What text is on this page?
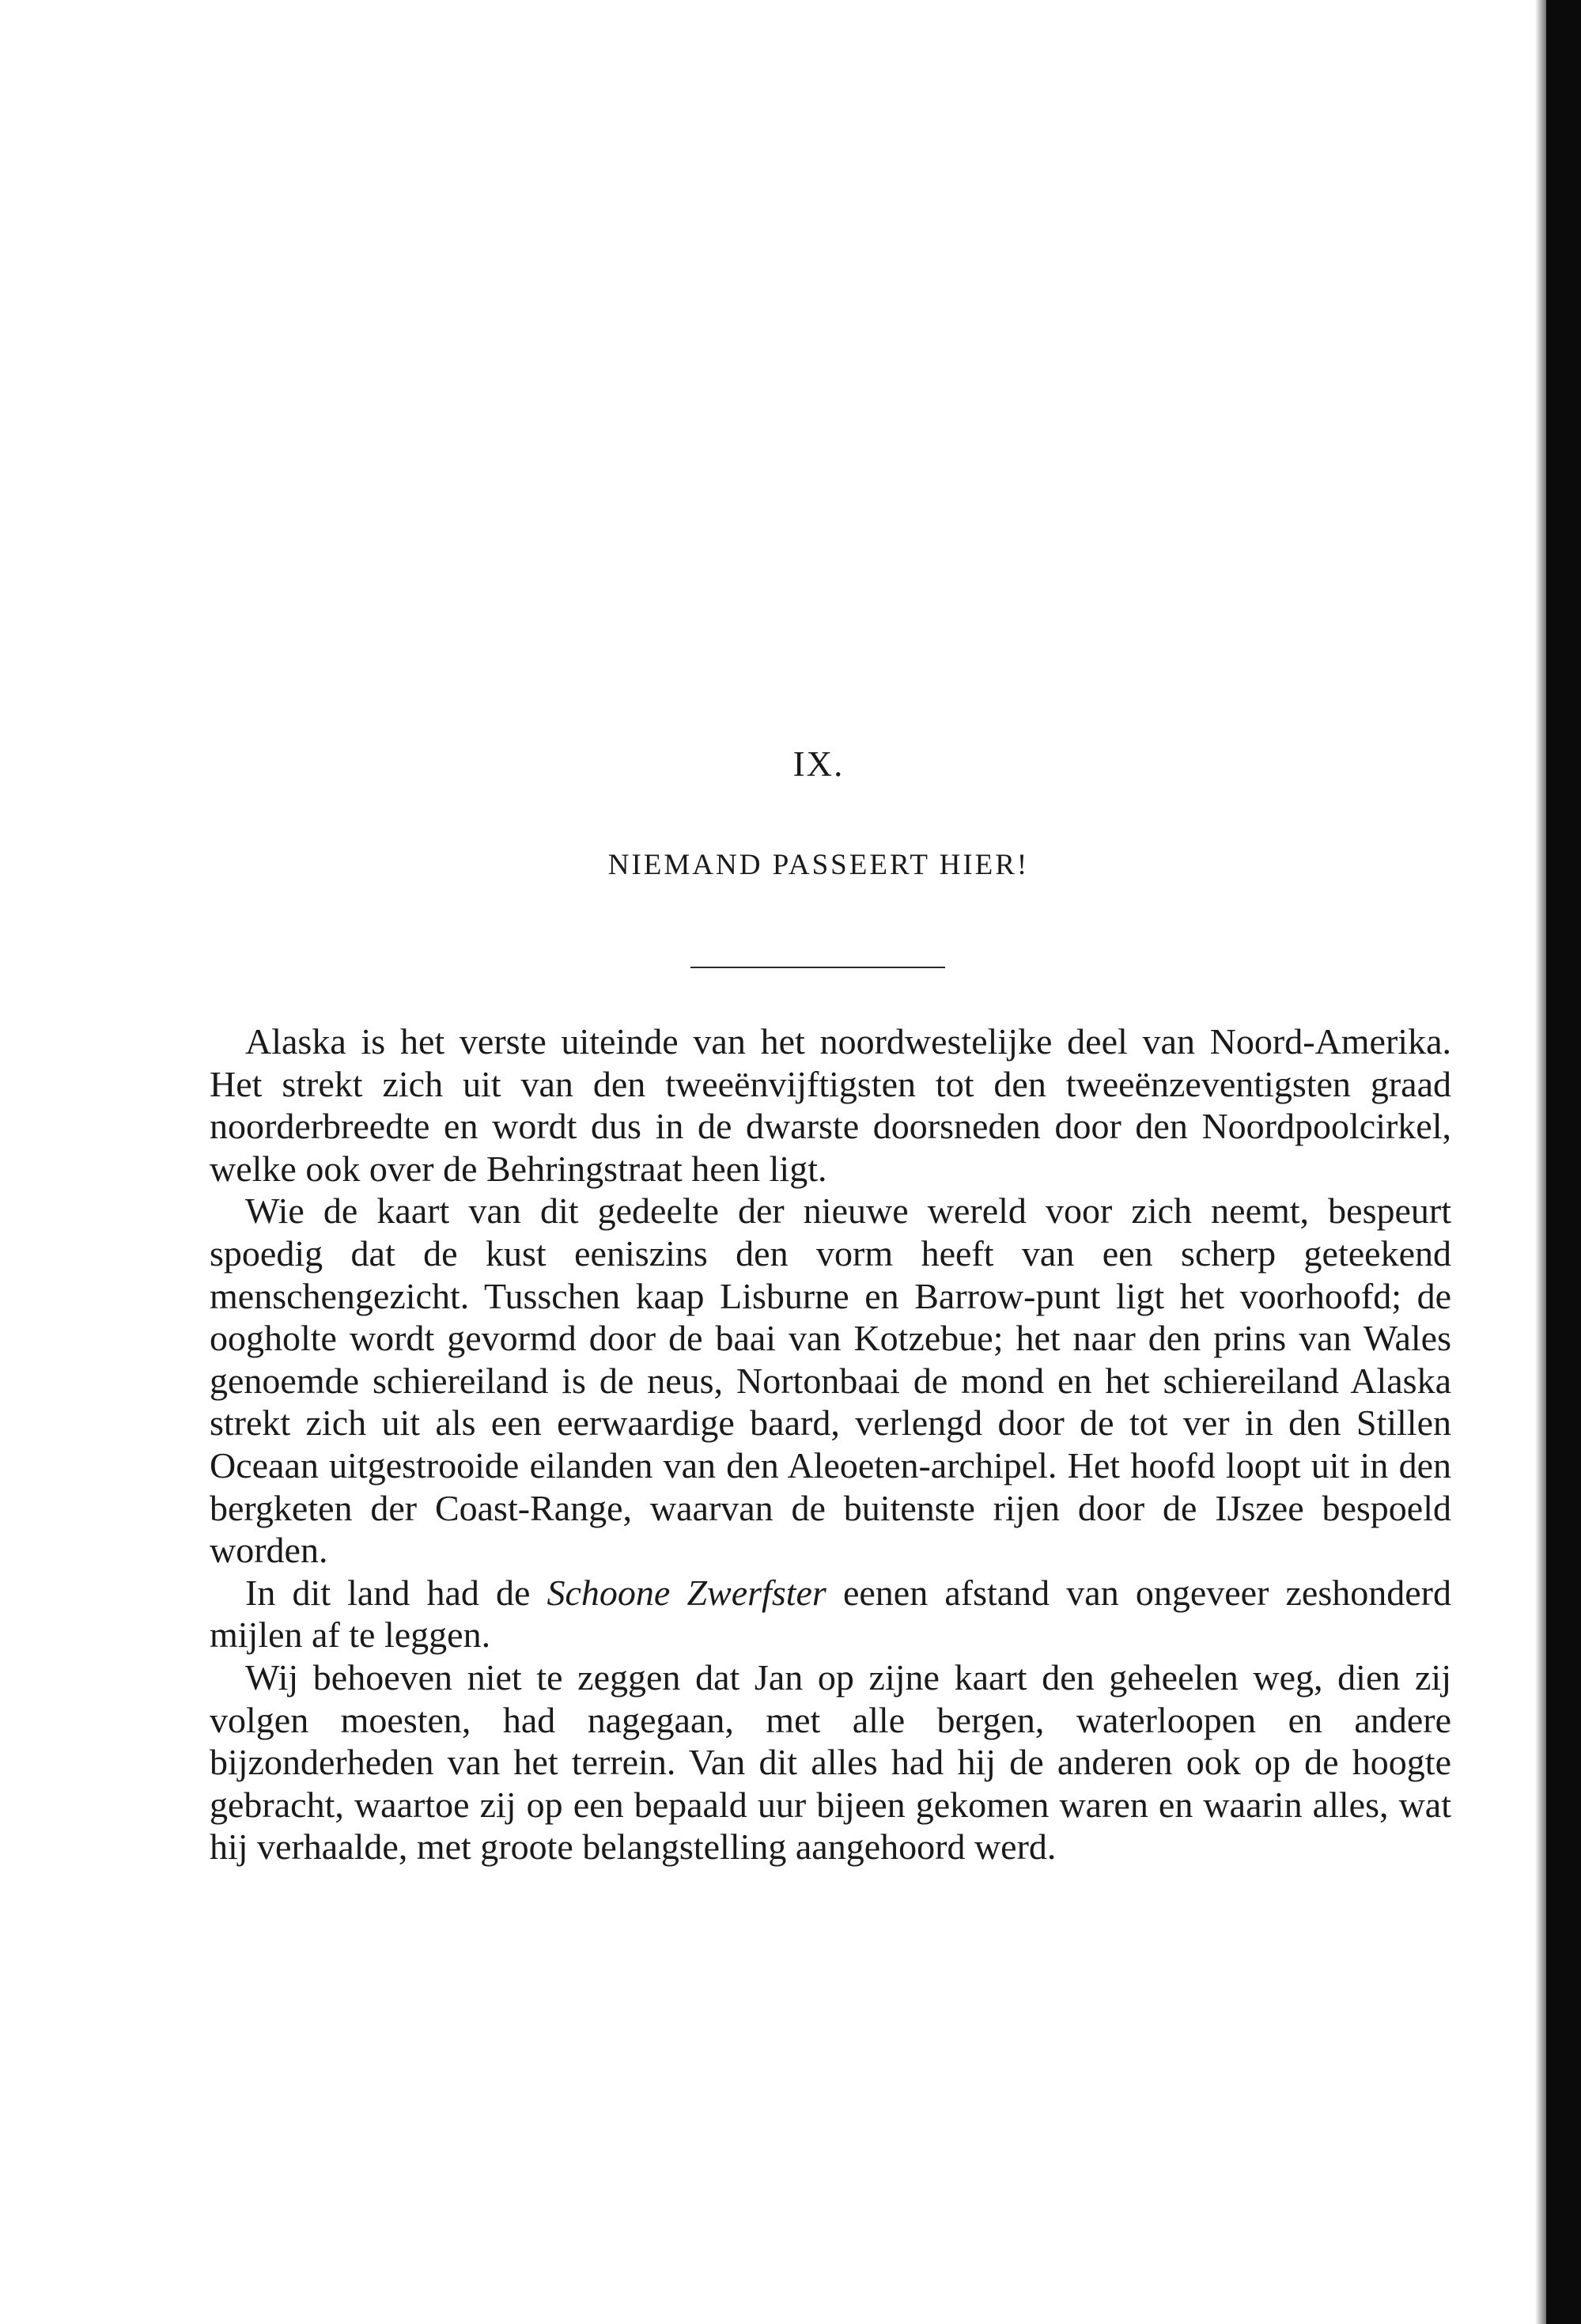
IX.
NIEMAND PASSEERT HIER!

Alaska is het verste uiteinde van het noordwestelijke deel van Noord-Amerika. Het strekt zich uit van den tweeënvijftigsten tot den tweeënzeventigsten graad noorderbreedte en wordt dus in de dwarste doorsneden door den Noordpoolcirkel, welke ook over de Behringstraat heen ligt.

Wie de kaart van dit gedeelte der nieuwe wereld voor zich neemt, bespeurt spoedig dat de kust eeniszins den vorm heeft van een scherp geteekend menschengezicht. Tusschen kaap Lisburne en Barrow-punt ligt het voorhoofd; de oogholte wordt gevormd door de baai van Kotzebue; het naar den prins van Wales genoemde schiereiland is de neus, Nortonbaai de mond en het schiereiland Alaska strekt zich uit als een eerwaardige baard, verlengd door de tot ver in den Stillen Oceaan uitgestrooide eilanden van den Aleoeten-archipel. Het hoofd loopt uit in den bergketen der Coast-Range, waarvan de buitenste rijen door de IJszee bespoeld worden.

In dit land had de Schoone Zwerfster eenen afstand van ongeveer zeshonderd mijlen af te leggen.

Wij behoeven niet te zeggen dat Jan op zijne kaart den geheelen weg, dien zij volgen moesten, had nagegaan, met alle bergen, waterloopen en andere bijzonderheden van het terrein. Van dit alles had hij de anderen ook op de hoogte gebracht, waartoe zij op een bepaald uur bijeen gekomen waren en waarin alles, wat hij verhaalde, met groote belangstelling aangehoord werd.
